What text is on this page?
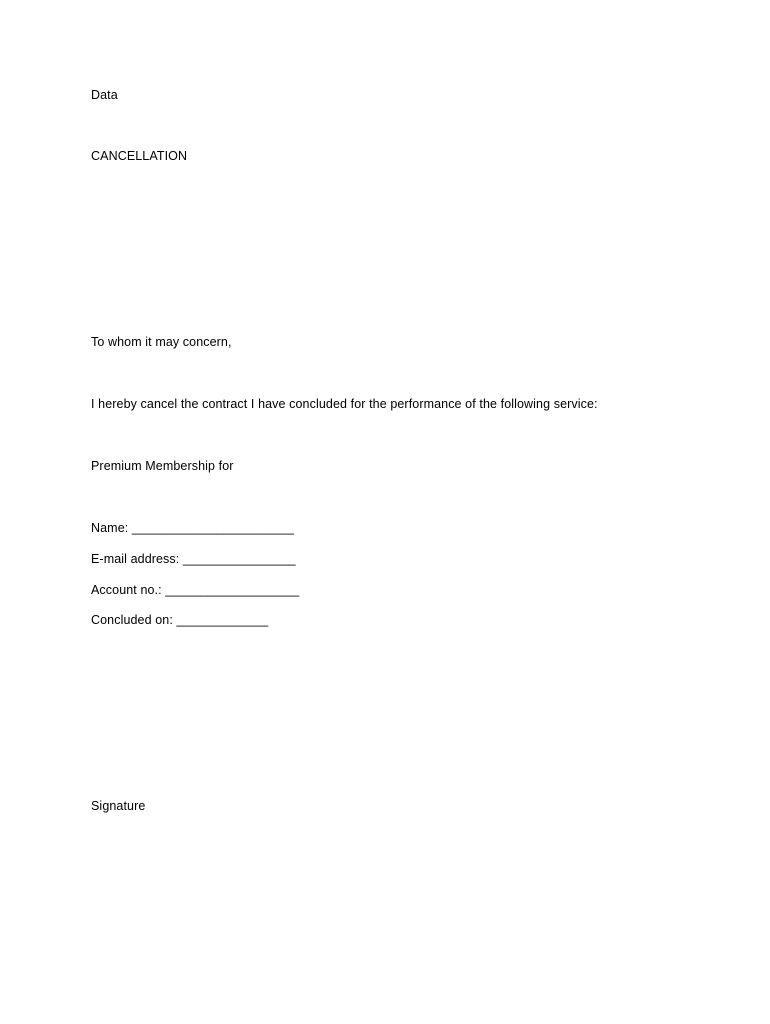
Data
CANCELLATION
To whom it may concern,
I hereby cancel the contract I have concluded for the performance of the following service:
Premium Membership for
Name: _______________________
E-mail address: ________________
Account no.: ___________________
Concluded on: _____________
Signature
